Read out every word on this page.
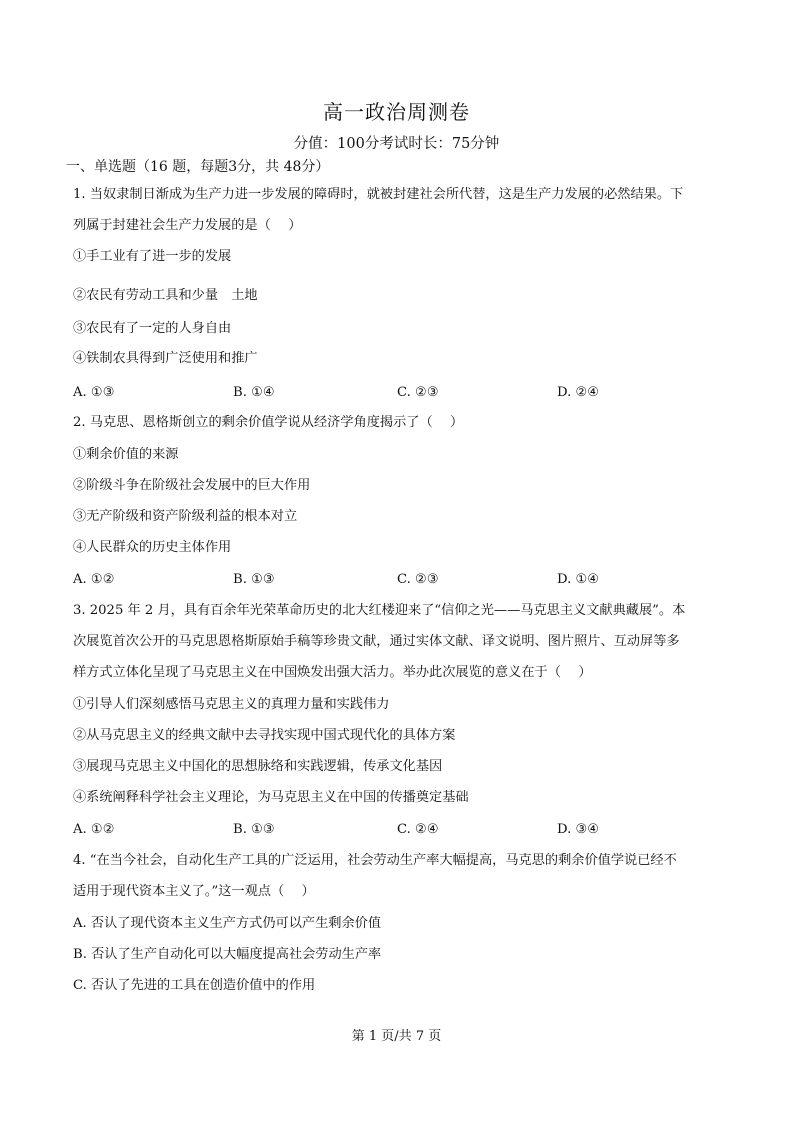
高一政治周测卷
分值：100分考试时长：75分钟
一、单选题（16 题，每题3分，共 48分）
1. 当奴隶制日渐成为生产力进一步发展的障碍时，就被封建社会所代替，这是生产力发展的必然结果。下
列属于封建社会生产力发展的是（　 ）
①手工业有了进一步的发展
②农民有劳动工具和少量　土地
③农民有了一定的人身自由
④铁制农具得到广泛使用和推广
A. ①③	B. ①④	C. ②③	D. ②④
2. 马克思、恩格斯创立的剩余价值学说从经济学角度揭示了（　 ）
①剩余价值的来源
②阶级斗争在阶级社会发展中的巨大作用
③无产阶级和资产阶级利益的根本对立
④人民群众的历史主体作用
A. ①②	B. ①③	C. ②③	D. ①④
3. 2025 年 2 月，具有百余年光荣革命历史的北大红楼迎来了“信仰之光——马克思主义文献典藏展”。本
次展览首次公开的马克思恩格斯原始手稿等珍贵文献，通过实体文献、译文说明、图片照片、互动屏等多
样方式立体化呈现了马克思主义在中国焕发出强大活力。举办此次展览的意义在于（　 ）
①引导人们深刻感悟马克思主义的真理力量和实践伟力
②从马克思主义的经典文献中去寻找实现中国式现代化的具体方案
③展现马克思主义中国化的思想脉络和实践逻辑，传承文化基因
④系统阐释科学社会主义理论，为马克思主义在中国的传播奠定基础
A. ①②	B. ①③	C. ②④	D. ③④
4. “在当今社会，自动化生产工具的广泛运用，社会劳动生产率大幅提高，马克思的剩余价值学说已经不
适用于现代资本主义了。”这一观点（　 ）
A. 否认了现代资本主义生产方式仍可以产生剩余价值
B. 否认了生产自动化可以大幅度提高社会劳动生产率
C. 否认了先进的工具在创造价值中的作用
第 1 页/共 7 页
